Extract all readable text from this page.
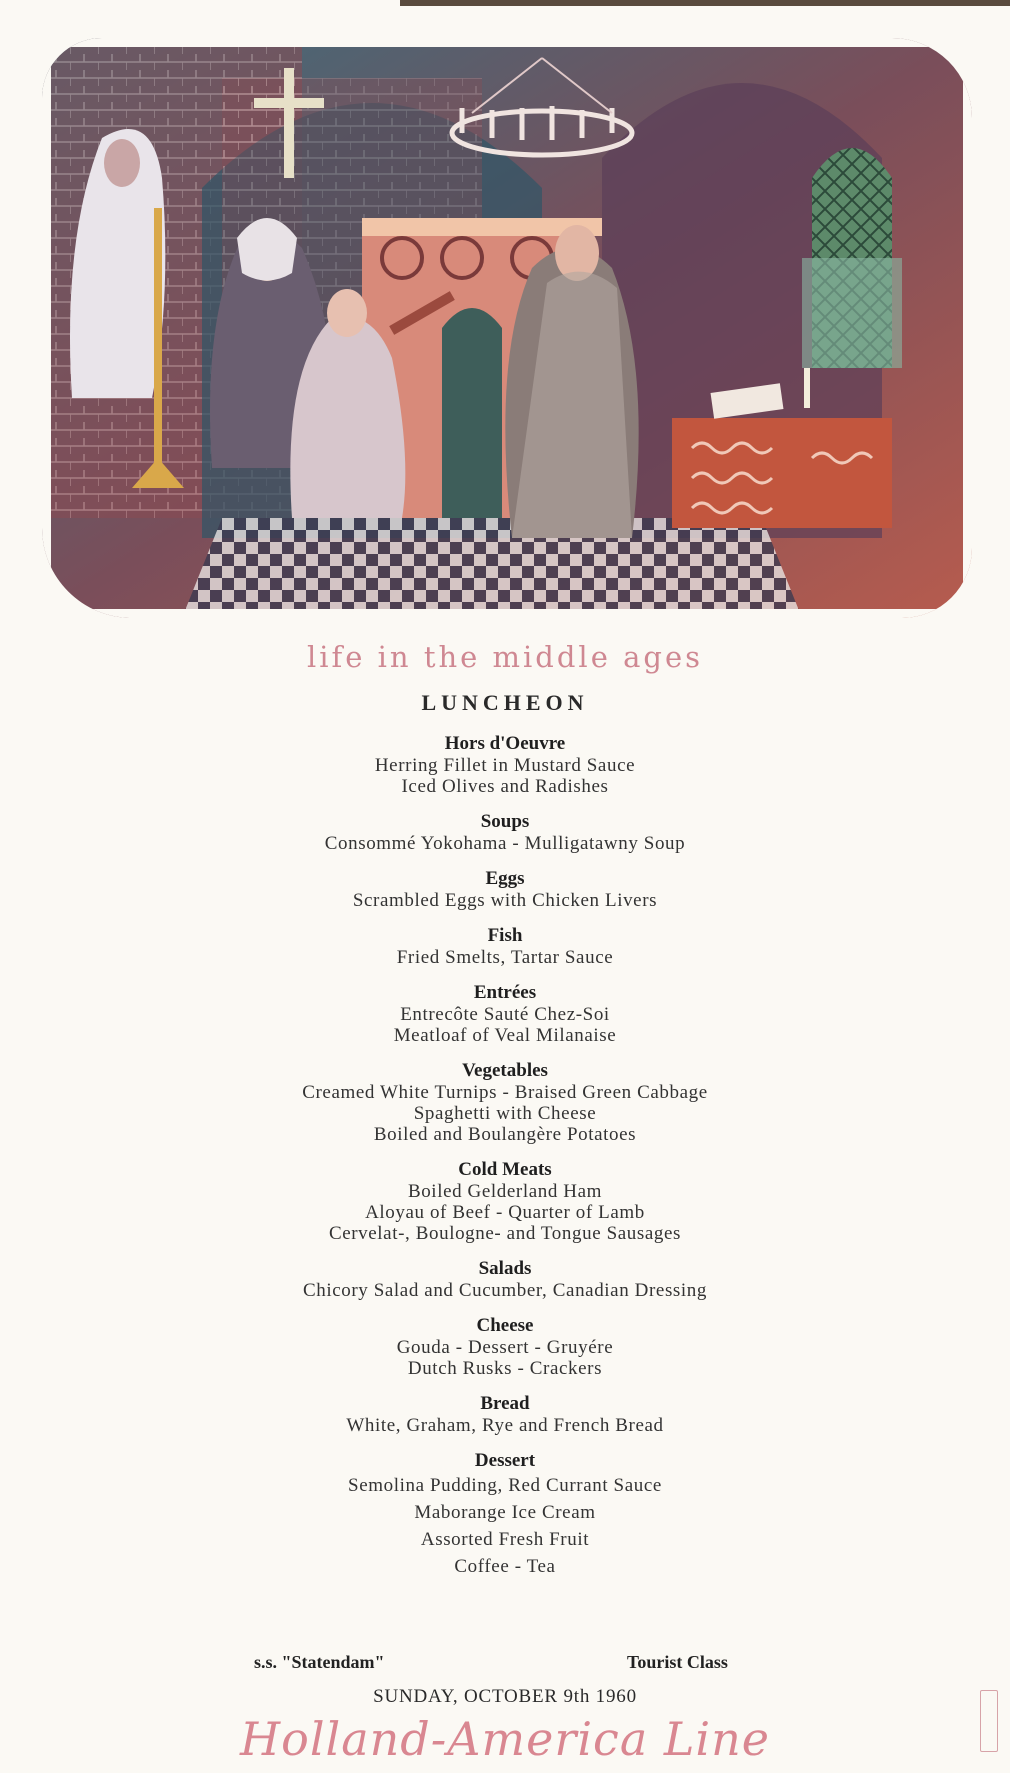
life in the middle ages
LUNCHEON
Hors d'Oeuvre
Herring Fillet in Mustard Sauce
Iced Olives and Radishes
Soups
Consommé Yokohama - Mulligatawny Soup
Eggs
Scrambled Eggs with Chicken Livers
Fish
Fried Smelts, Tartar Sauce
Entrées
Entrecôte Sauté Chez-Soi
Meatloaf of Veal Milanaise
Vegetables
Creamed White Turnips - Braised Green Cabbage
Spaghetti with Cheese
Boiled and Boulangère Potatoes
Cold Meats
Boiled Gelderland Ham
Aloyau of Beef - Quarter of Lamb
Cervelat-, Boulogne- and Tongue Sausages
Salads
Chicory Salad and Cucumber, Canadian Dressing
Cheese
Gouda - Dessert - Gruyére
Dutch Rusks - Crackers
Bread
White, Graham, Rye and French Bread
Dessert
Semolina Pudding, Red Currant Sauce
Maborange Ice Cream
Assorted Fresh Fruit
Coffee - Tea
s.s. "Statendam"	Tourist Class
SUNDAY, OCTOBER 9th 1960
Holland-America Line
